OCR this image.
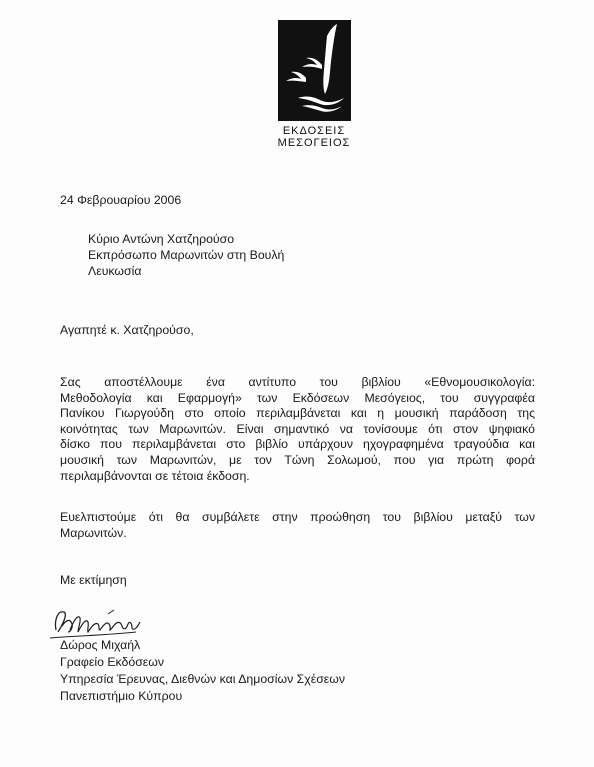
ΕΚΔΟΣΕΙΣ
ΜΕΣΟΓΕΙΟΣ
24 Φεβρουαρίου 2006
Κύριο Αντώνη Χατζηρούσο
Εκπρόσωπο Μαρωνιτών στη Βουλή
Λευκωσία
Αγαπητέ κ. Χατζηρούσο,
Σας αποστέλλουμε ένα αντίτυπο του βιβλίου «Εθνομουσικολογία:
Μεθοδολογία και Εφαρμογή» των Εκδόσεων Μεσόγειος, του συγγραφέα
Πανίκου Γιωργούδη στο οποίο περιλαμβάνεται και η μουσική παράδοση της
κοινότητας των Μαρωνιτών. Είναι σημαντικό να τονίσουμε ότι στον ψηφιακό
δίσκο που περιλαμβάνεται στο βιβλίο υπάρχουν ηχογραφημένα τραγούδια και
μουσική των Μαρωνιτών, με τον Τώνη Σολωμού, που για πρώτη φορά
περιλαμβάνονται σε τέτοια έκδοση.
Ευελπιστούμε ότι θα συμβάλετε στην προώθηση του βιβλίου μεταξύ των
Μαρωνιτών.
Με εκτίμηση
Δώρος Μιχαήλ
Γραφείο Εκδόσεων
Υπηρεσία Έρευνας, Διεθνών και Δημοσίων Σχέσεων
Πανεπιστήμιο Κύπρου
